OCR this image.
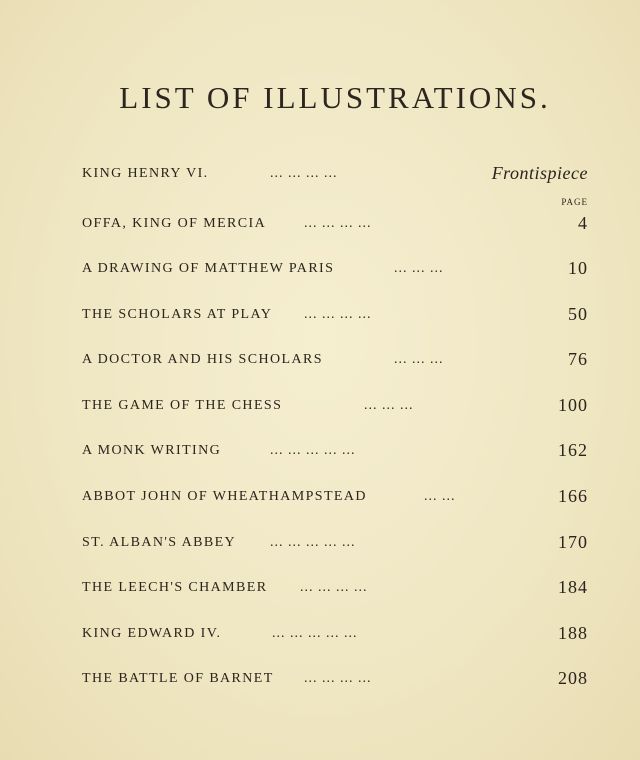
LIST OF ILLUSTRATIONS.
PAGE
KING HENRY VI.	... ... ... ...	Frontispiece
OFFA, KING OF MERCIA	... ... ... ...	4
A DRAWING OF MATTHEW PARIS	... ... ...	10
THE SCHOLARS AT PLAY ... ... ... ...	50
A DOCTOR AND HIS SCHOLARS	... ... ...	76
THE GAME OF THE CHESS	... ... ...	100
A MONK WRITING	... ... ... ... ...	162
ABBOT JOHN OF WHEATHAMPSTEAD	... ...	166
ST. ALBAN'S ABBEY ... ... ... ... ...	170
THE LEECH'S CHAMBER ... ... ... ...	184
KING EDWARD IV.	... ... ... ... ...	188
THE BATTLE OF BARNET ... ... ... ...	208
